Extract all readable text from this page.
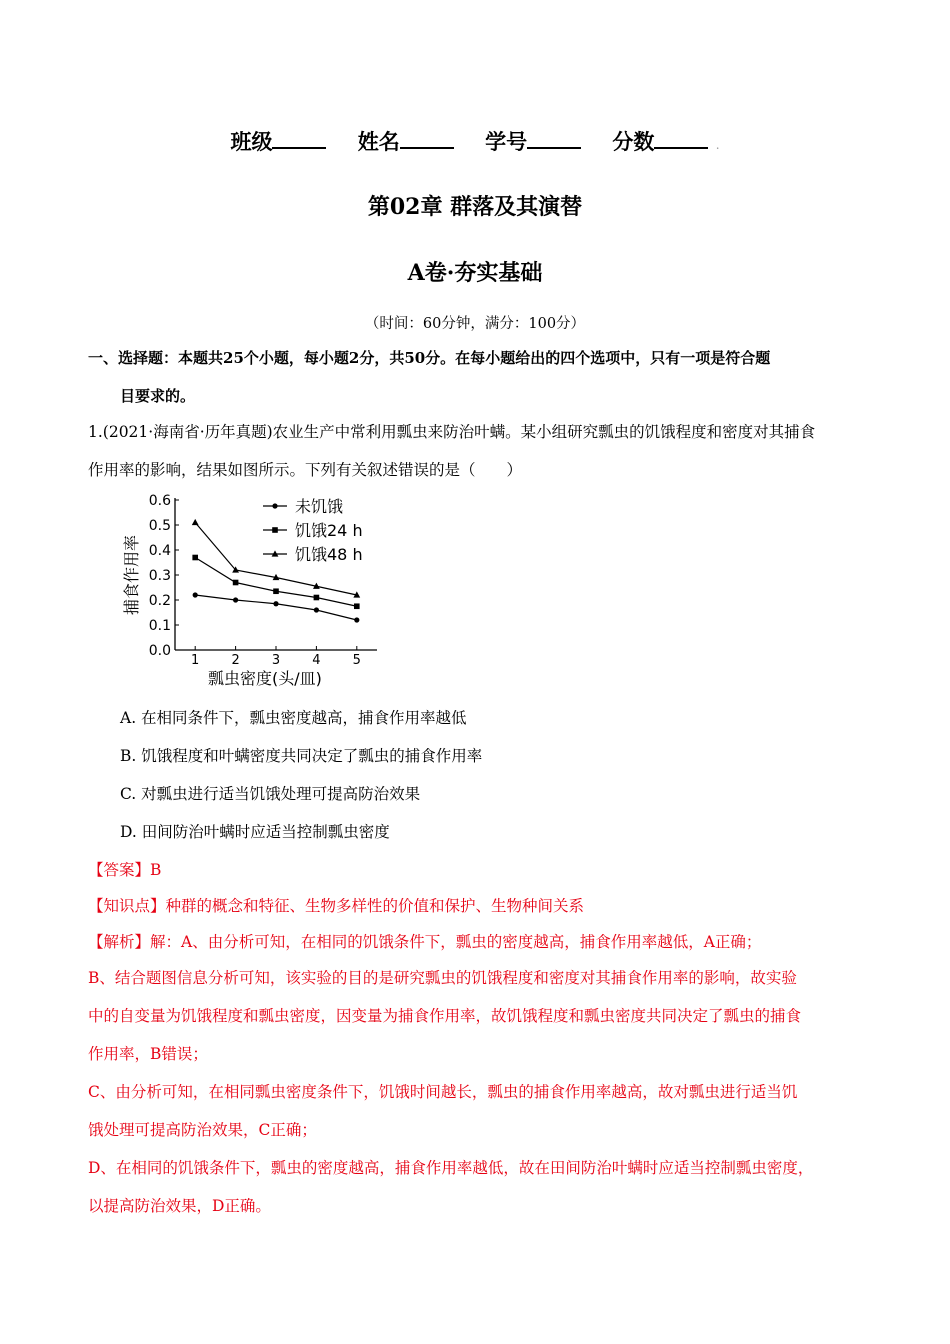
班级	姓名	学号	分数	.
第02章 群落及其演替
A卷·夯实基础
（时间：60分钟，满分：100分）
一、选择题：本题共25个小题，每小题2分，共50分。在每小题给出的四个选项中，只有一项是符合题
目要求的。
1.(2021·海南省·历年真题)农业生产中常利用瓢虫来防治叶螨。某小组研究瓢虫的饥饿程度和密度对其捕食
作用率的影响，结果如图所示。下列有关叙述错误的是（　　）
0.0
0.1
0.2
0.3
0.4
0.5
0.6
1 2 3 4 5
瓢虫密度(头/皿)
捕食作用率
未饥饿
饥饿24 h
饥饿48 h
A. 在相同条件下，瓢虫密度越高，捕食作用率越低
B. 饥饿程度和叶螨密度共同决定了瓢虫的捕食作用率
C. 对瓢虫进行适当饥饿处理可提高防治效果
D. 田间防治叶螨时应适当控制瓢虫密度
【答案】B
【知识点】种群的概念和特征、生物多样性的价值和保护、生物种间关系
【解析】解：A、由分析可知，在相同的饥饿条件下，瓢虫的密度越高，捕食作用率越低，A正确；
B、结合题图信息分析可知，该实验的目的是研究瓢虫的饥饿程度和密度对其捕食作用率的影响，故实验
中的自变量为饥饿程度和瓢虫密度，因变量为捕食作用率，故饥饿程度和瓢虫密度共同决定了瓢虫的捕食
作用率，B错误；
C、由分析可知，在相同瓢虫密度条件下，饥饿时间越长，瓢虫的捕食作用率越高，故对瓢虫进行适当饥
饿处理可提高防治效果，C正确；
D、在相同的饥饿条件下，瓢虫的密度越高，捕食作用率越低，故在田间防治叶螨时应适当控制瓢虫密度，
以提高防治效果，D正确。
